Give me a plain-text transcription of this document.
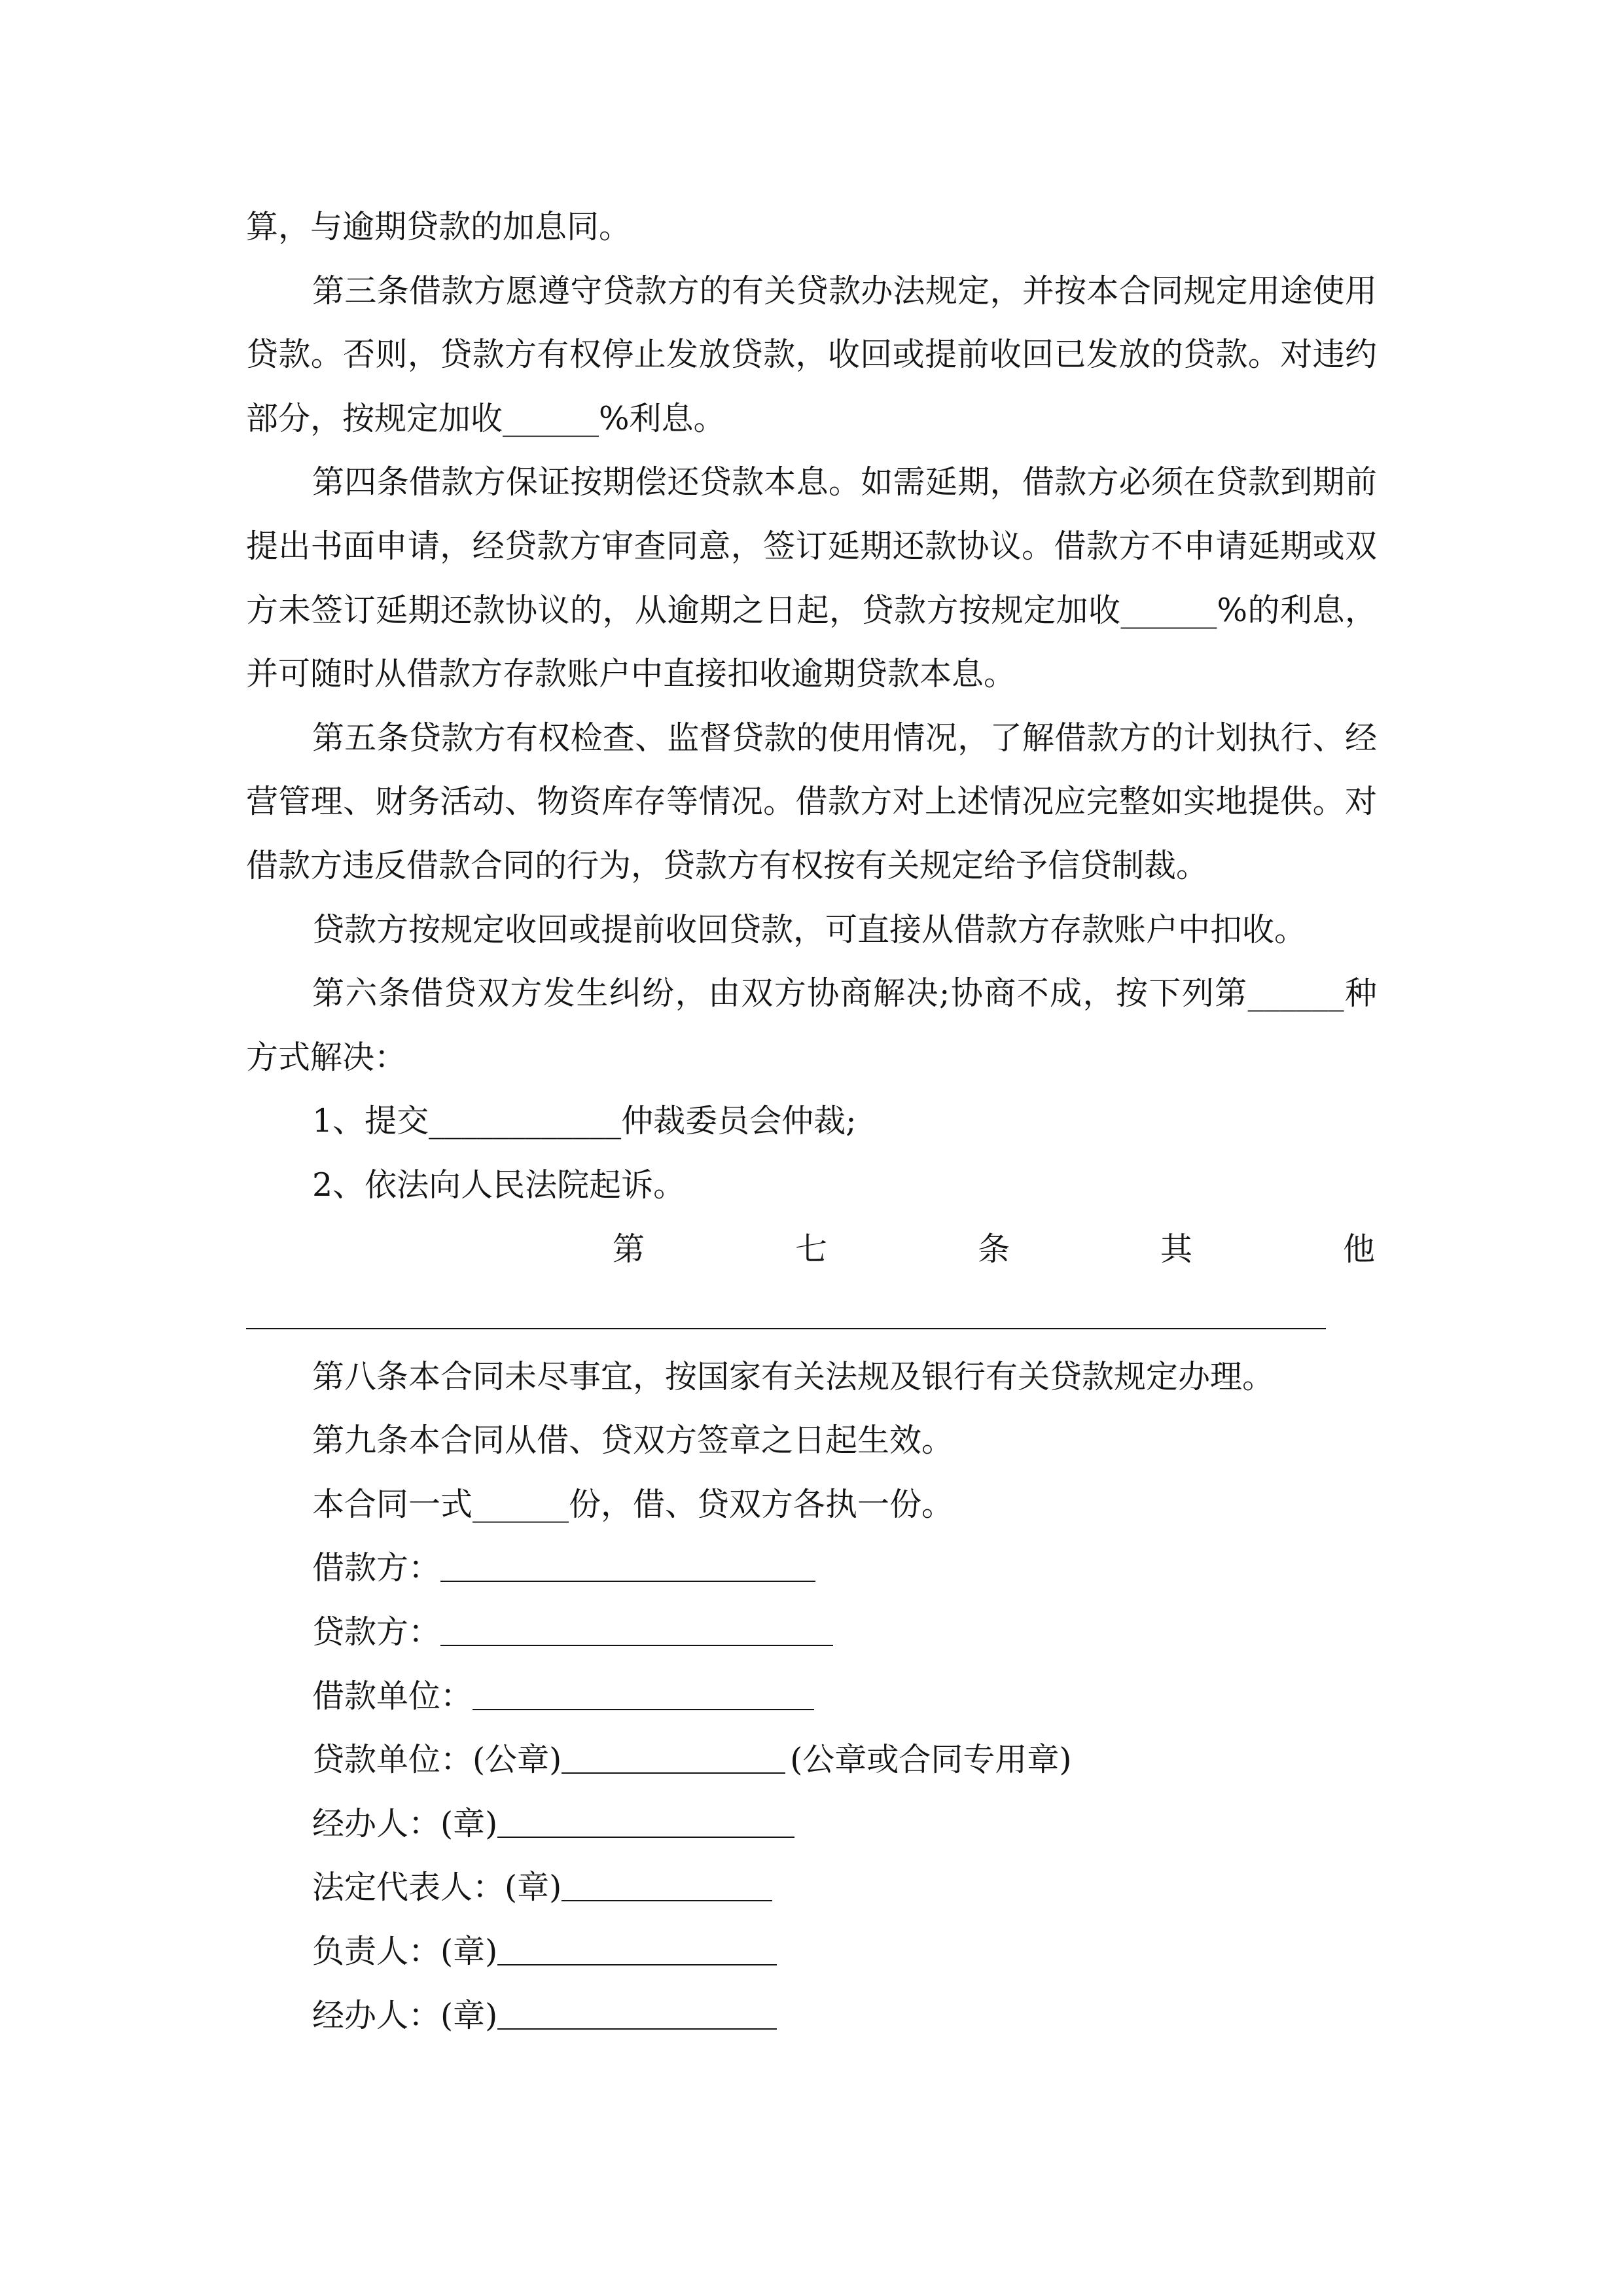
算，与逾期贷款的加息同。
第三条借款方愿遵守贷款方的有关贷款办法规定，并按本合同规定用途使用
贷款。否则，贷款方有权停止发放贷款，收回或提前收回已发放的贷款。对违约
部分，按规定加收______%利息。
第四条借款方保证按期偿还贷款本息。如需延期，借款方必须在贷款到期前
提出书面申请，经贷款方审查同意，签订延期还款协议。借款方不申请延期或双
方未签订延期还款协议的，从逾期之日起，贷款方按规定加收______%的利息，
并可随时从借款方存款账户中直接扣收逾期贷款本息。
第五条贷款方有权检查、监督贷款的使用情况，了解借款方的计划执行、经
营管理、财务活动、物资库存等情况。借款方对上述情况应完整如实地提供。对
借款方违反借款合同的行为，贷款方有权按有关规定给予信贷制裁。
贷款方按规定收回或提前收回贷款，可直接从借款方存款账户中扣收。
第六条借贷双方发生纠纷，由双方协商解决;协商不成，按下列第______种
方式解决：
1、提交____________仲裁委员会仲裁;
2、依法向人民法院起诉。
第七条其他
第八条本合同未尽事宜，按国家有关法规及银行有关贷款规定办理。
第九条本合同从借、贷双方签章之日起生效。
本合同一式______份，借、贷双方各执一份。
借款方：
贷款方：
借款单位：
贷款单位：(公章)	(公章或合同专用章)
经办人：(章)
法定代表人：(章)
负责人：(章)
经办人：(章)
